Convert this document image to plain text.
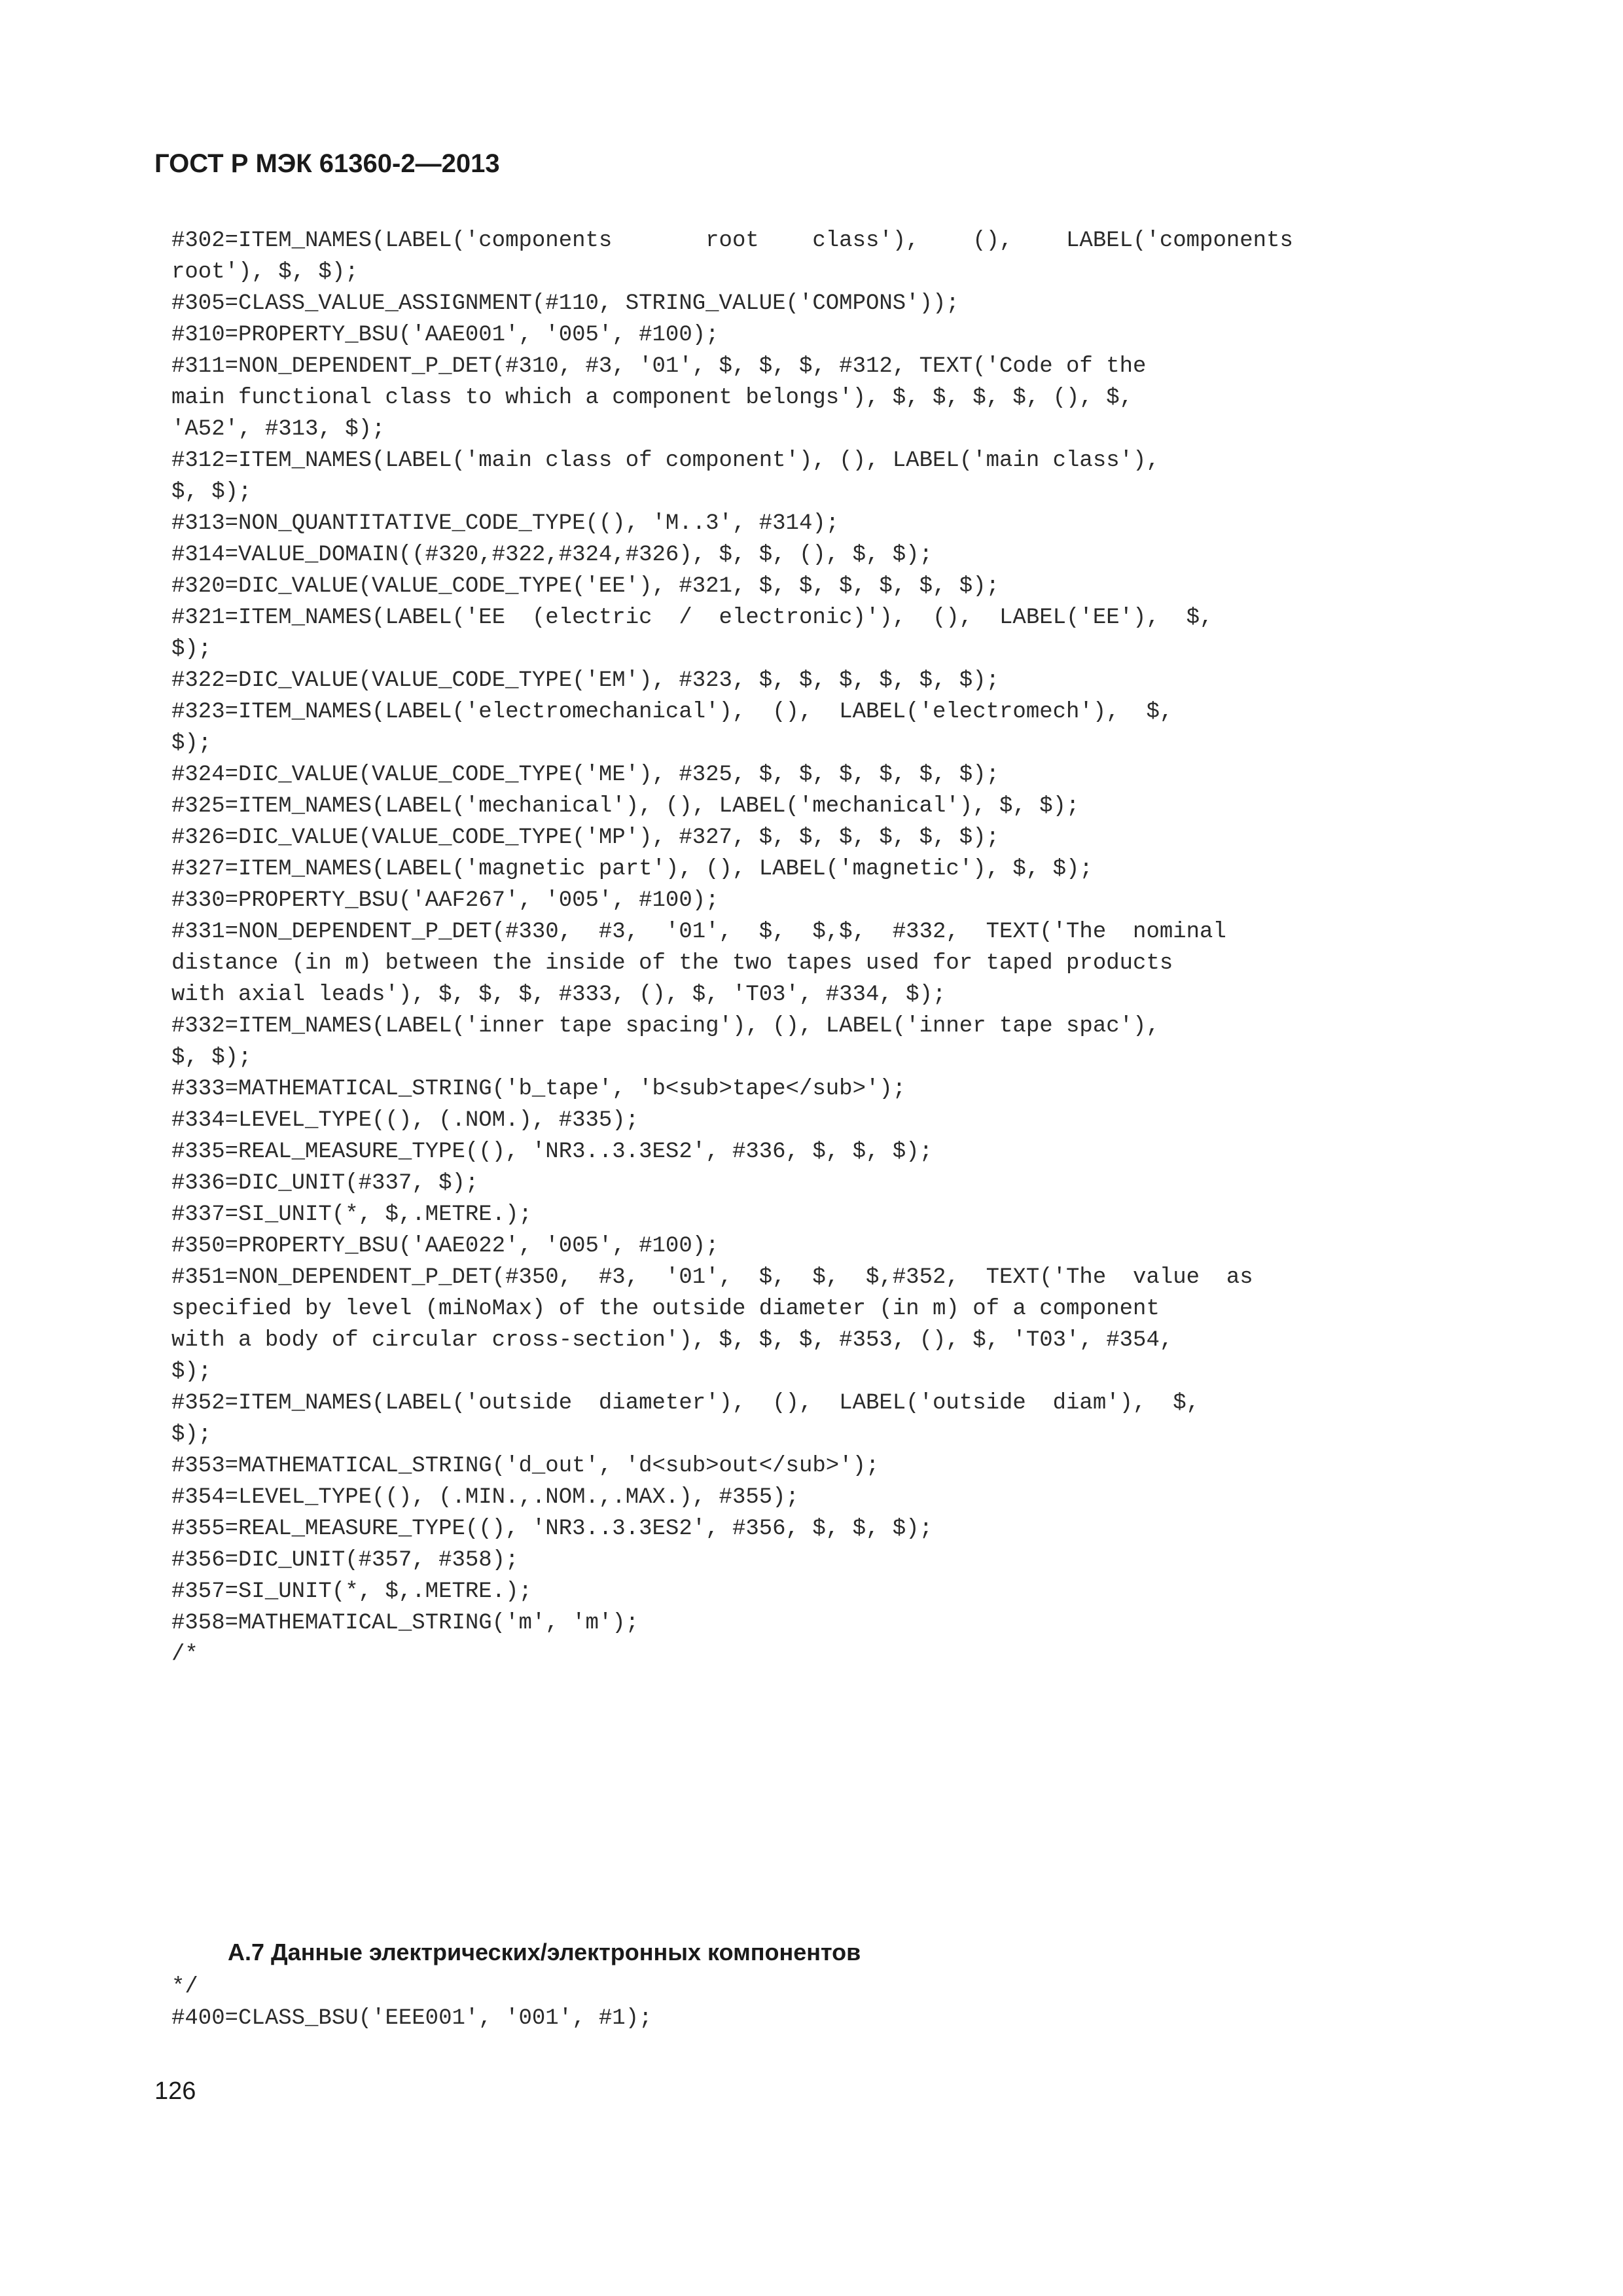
ГОСТ Р МЭК 61360-2—2013
#302=ITEM_NAMES(LABEL('components       root    class'),    (),    LABEL('components
root'), $, $);
#305=CLASS_VALUE_ASSIGNMENT(#110, STRING_VALUE('COMPONS'));
#310=PROPERTY_BSU('AAE001', '005', #100);
#311=NON_DEPENDENT_P_DET(#310, #3, '01', $, $, $, #312, TEXT('Code of the
main functional class to which a component belongs'), $, $, $, $, (), $,
'A52', #313, $);
#312=ITEM_NAMES(LABEL('main class of component'), (), LABEL('main class'),
$, $);
#313=NON_QUANTITATIVE_CODE_TYPE((), 'M..3', #314);
#314=VALUE_DOMAIN((#320,#322,#324,#326), $, $, (), $, $);
#320=DIC_VALUE(VALUE_CODE_TYPE('EE'), #321, $, $, $, $, $, $);
#321=ITEM_NAMES(LABEL('EE  (electric  /  electronic)'),  (),  LABEL('EE'),  $,
$);
#322=DIC_VALUE(VALUE_CODE_TYPE('EM'), #323, $, $, $, $, $, $);
#323=ITEM_NAMES(LABEL('electromechanical'),  (),  LABEL('electromech'),  $,
$);
#324=DIC_VALUE(VALUE_CODE_TYPE('ME'), #325, $, $, $, $, $, $);
#325=ITEM_NAMES(LABEL('mechanical'), (), LABEL('mechanical'), $, $);
#326=DIC_VALUE(VALUE_CODE_TYPE('MP'), #327, $, $, $, $, $, $);
#327=ITEM_NAMES(LABEL('magnetic part'), (), LABEL('magnetic'), $, $);
#330=PROPERTY_BSU('AAF267', '005', #100);
#331=NON_DEPENDENT_P_DET(#330,  #3,  '01',  $,  $,$,  #332,  TEXT('The  nominal
distance (in m) between the inside of the two tapes used for taped products
with axial leads'), $, $, $, #333, (), $, 'T03', #334, $);
#332=ITEM_NAMES(LABEL('inner tape spacing'), (), LABEL('inner tape spac'),
$, $);
#333=MATHEMATICAL_STRING('b_tape', 'b<sub>tape</sub>');
#334=LEVEL_TYPE((), (.NOM.), #335);
#335=REAL_MEASURE_TYPE((), 'NR3..3.3ES2', #336, $, $, $);
#336=DIC_UNIT(#337, $);
#337=SI_UNIT(*, $,.METRE.);
#350=PROPERTY_BSU('AAE022', '005', #100);
#351=NON_DEPENDENT_P_DET(#350,  #3,  '01',  $,  $,  $,#352,  TEXT('The  value  as
specified by level (miNoMax) of the outside diameter (in m) of a component
with a body of circular cross-section'), $, $, $, #353, (), $, 'T03', #354,
$);
#352=ITEM_NAMES(LABEL('outside  diameter'),  (),  LABEL('outside  diam'),  $,
$);
#353=MATHEMATICAL_STRING('d_out', 'd<sub>out</sub>');
#354=LEVEL_TYPE((), (.MIN.,.NOM.,.MAX.), #355);
#355=REAL_MEASURE_TYPE((), 'NR3..3.3ES2', #356, $, $, $);
#356=DIC_UNIT(#357, #358);
#357=SI_UNIT(*, $,.METRE.);
#358=MATHEMATICAL_STRING('m', 'm');
/*
А.7 Данные электрических/электронных компонентов
*/
#400=CLASS_BSU('EEE001', '001', #1);
126
